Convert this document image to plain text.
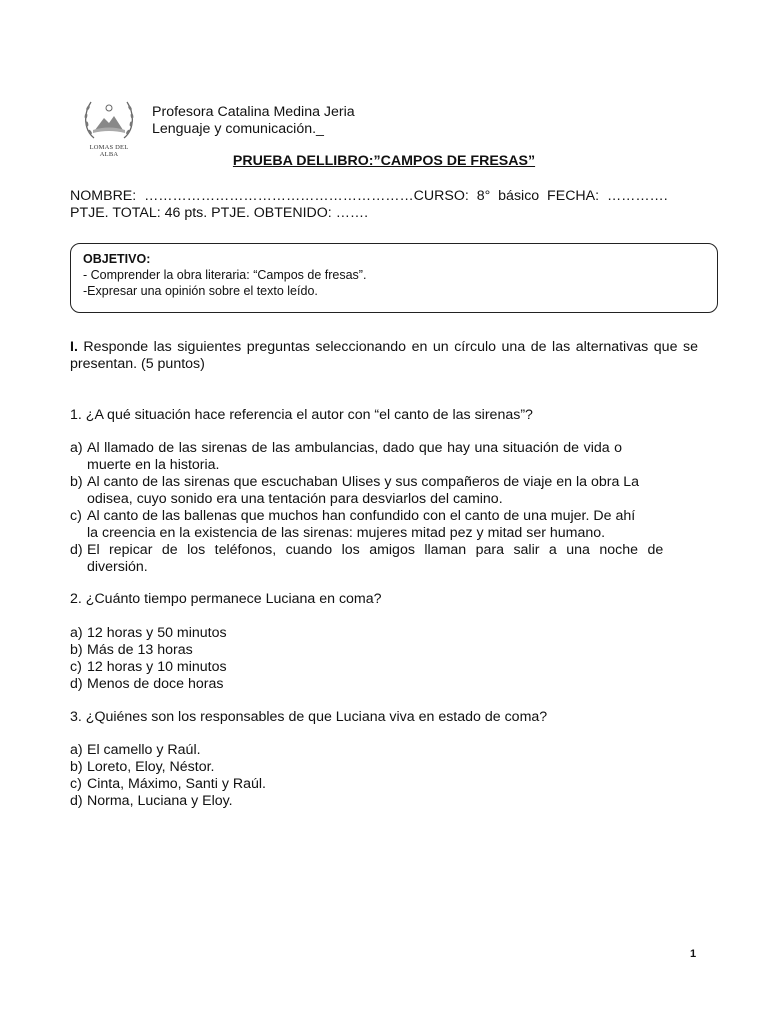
LOMAS DEL ALBA
Profesora Catalina Medina Jeria
Lenguaje y comunicación._
PRUEBA DELLIBRO:”CAMPOS DE FRESAS”
NOMBRE:  …………………………………………………CURSO:  8°  básico  FECHA:  ………….
PTJE. TOTAL: 46 pts. PTJE. OBTENIDO: …….
OBJETIVO:
- Comprender la obra literaria: “Campos de fresas”.
-Expresar una opinión sobre el texto leído.
I. Responde las siguientes preguntas seleccionando en un círculo una de las alternativas que se presentan. (5 puntos)
1. ¿A qué situación hace referencia el autor con “el canto de las sirenas”?
a) Al llamado de las sirenas de las ambulancias, dado que hay una situación de vida o
muerte en la historia.
b) Al canto de las sirenas que escuchaban Ulises y sus compañeros de viaje en la obra La
odisea, cuyo sonido era una tentación para desviarlos del camino.
c) Al canto de las ballenas que muchos han confundido con el canto de una mujer. De ahí
la creencia en la existencia de las sirenas: mujeres mitad pez y mitad ser humano.
d) El repicar de los teléfonos, cuando los amigos llaman para salir a una noche de
diversión.
2. ¿Cuánto tiempo permanece Luciana en coma?
a) 12 horas y 50 minutos
b) Más de 13 horas
c) 12 horas y 10 minutos
d) Menos de doce horas
3. ¿Quiénes son los responsables de que Luciana viva en estado de coma?
a) El camello y Raúl.
b) Loreto, Eloy, Néstor.
c) Cinta, Máximo, Santi y Raúl.
d) Norma, Luciana y Eloy.
1
